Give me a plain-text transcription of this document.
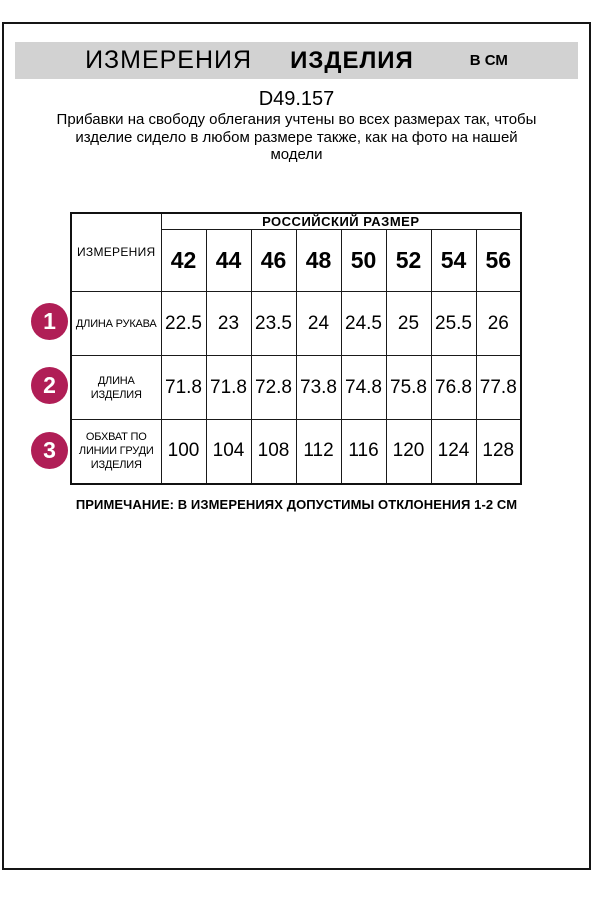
ИЗМЕРЕНИЯ ИЗДЕЛИЯ	В СМ
D49.157
Прибавки на свободу облегания учтены во всех размерах так, чтобы
изделие сидело в любом размере также, как на фото на нашей
модели
1
2
3
ИЗМЕРЕНИЯ	РОССИЙСКИЙ РАЗМЕР							
	42	44	46	48	50	52	54	56
ДЛИНА РУКАВА	22.5	23	23.5	24	24.5	25	25.5	26
ДЛИНА ИЗДЕЛИЯ	71.8	71.8	72.8	73.8	74.8	75.8	76.8	77.8
ОБХВАТ ПО ЛИНИИ ГРУДИ ИЗДЕЛИЯ	100	104	108	112	116	120	124	128
ПРИМЕЧАНИЕ: В ИЗМЕРЕНИЯХ ДОПУСТИМЫ ОТКЛОНЕНИЯ 1-2 СМ
